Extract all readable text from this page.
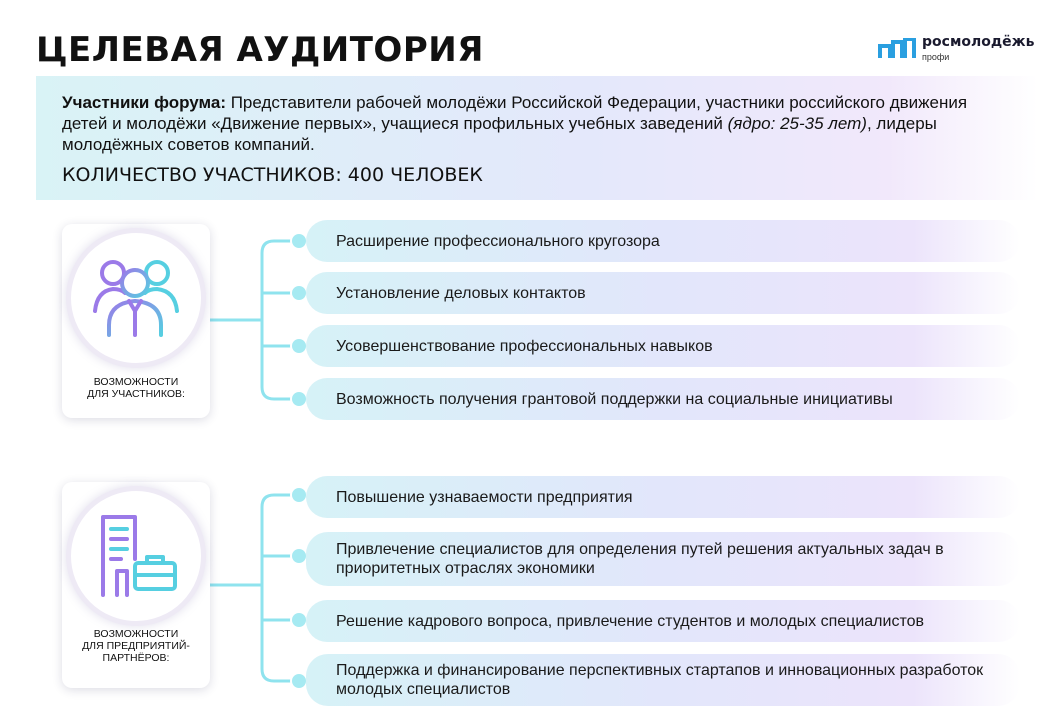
ЦЕЛЕВАЯ АУДИТОРИЯ	росмолодёжь
профи
Участники форума: Представители рабочей молодёжи Российской Федерации, участники российского движения детей и молодёжи «Движение первых», учащиеся профильных учебных заведений (ядро: 25-35 лет), лидеры молодёжных советов компаний.
КОЛИЧЕСТВО УЧАСТНИКОВ: 400 ЧЕЛОВЕК
ВОЗМОЖНОСТИ
ДЛЯ УЧАСТНИКОВ:
Расширение профессионального кругозора
Установление деловых контактов
Усовершенствование профессиональных навыков
Возможность получения грантовой поддержки на социальные инициативы
ВОЗМОЖНОСТИ
ДЛЯ ПРЕДПРИЯТИЙ-
ПАРТНЁРОВ:
Повышение узнаваемости предприятия
Привлечение специалистов для определения путей решения актуальных задач в приоритетных отраслях экономики
Решение кадрового вопроса, привлечение студентов и молодых специалистов
Поддержка и финансирование перспективных стартапов и инновационных разработок молодых специалистов
